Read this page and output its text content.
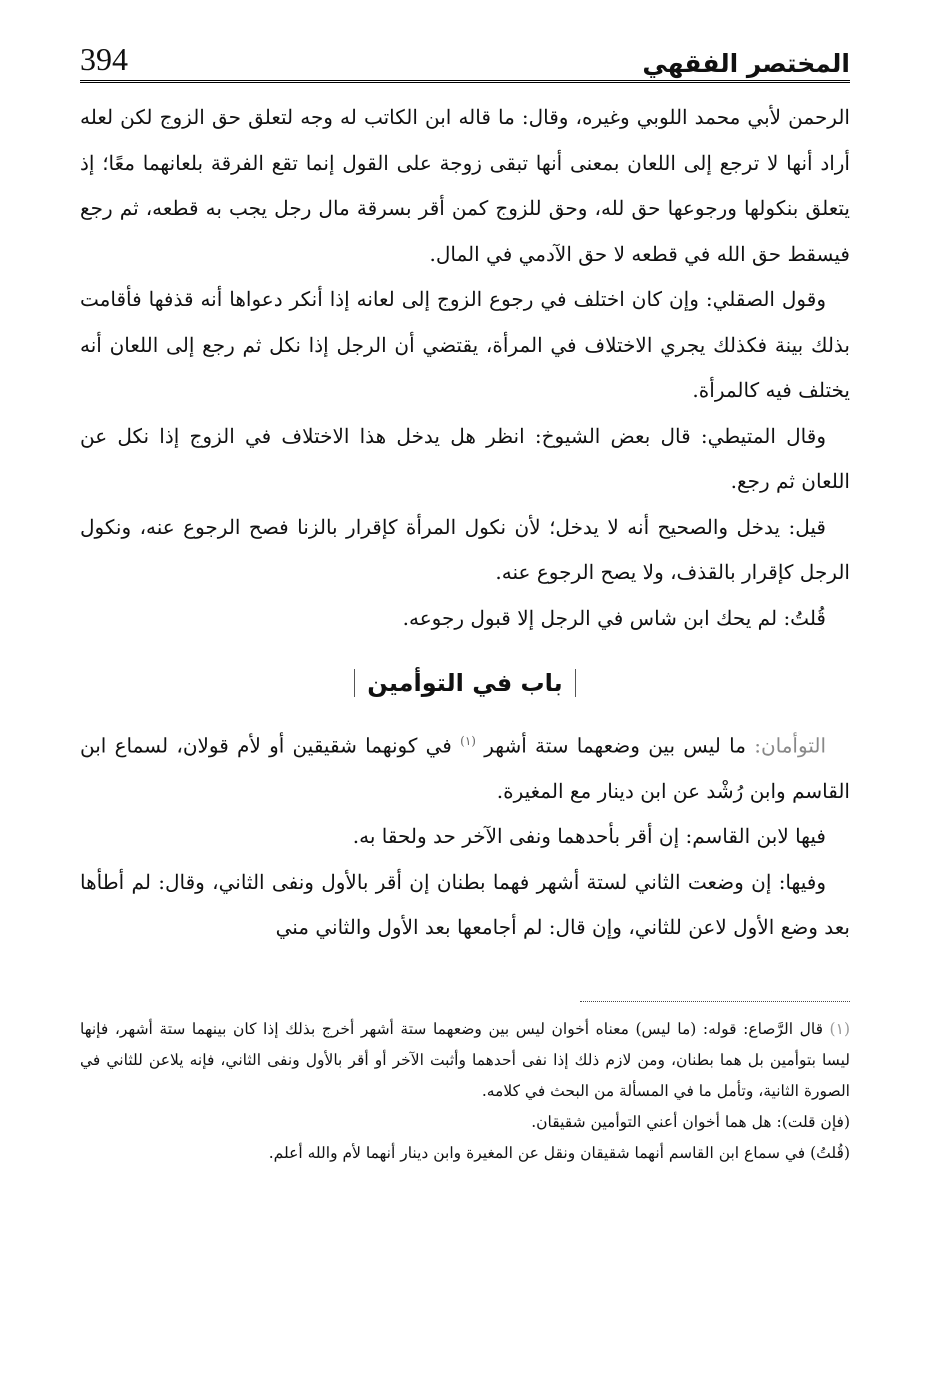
394	المختصر الفقهي

الرحمن لأبي محمد اللوبي وغيره، وقال: ما قاله ابن الكاتب له وجه لتعلق حق الزوج لكن لعله أراد أنها لا ترجع إلى اللعان بمعنى أنها تبقى زوجة على القول إنما تقع الفرقة بلعانهما معًا؛ إذ يتعلق بنكولها ورجوعها حق لله، وحق للزوج كمن أقر بسرقة مال رجل يجب به قطعه، ثم رجع فيسقط حق الله في قطعه لا حق الآدمي في المال.

وقول الصقلي: وإن كان اختلف في رجوع الزوج إلى لعانه إذا أنكر دعواها أنه قذفها فأقامت بذلك بينة فكذلك يجري الاختلاف في المرأة، يقتضي أن الرجل إذا نكل ثم رجع إلى اللعان أنه يختلف فيه كالمرأة.

وقال المتيطي: قال بعض الشيوخ: انظر هل يدخل هذا الاختلاف في الزوج إذا نكل عن اللعان ثم رجع.

قيل: يدخل والصحيح أنه لا يدخل؛ لأن نكول المرأة كإقرار بالزنا فصح الرجوع عنه، ونكول الرجل كإقرار بالقذف، ولا يصح الرجوع عنه.

قُلتُ: لم يحك ابن شاس في الرجل إلا قبول رجوعه.

باب في التوأمين

التوأمان: ما ليس بين وضعهما ستة أشهر $^{(١)}$ في كونهما شقيقين أو لأم قولان، لسماع ابن القاسم وابن رُشْد عن ابن دينار مع المغيرة.

فيها لابن القاسم: إن أقر بأحدهما ونفى الآخر حد ولحقا به.

وفيها: إن وضعت الثاني لستة أشهر فهما بطنان إن أقر بالأول ونفى الثاني، وقال: لم أطأها بعد وضع الأول لاعن للثاني، وإن قال: لم أجامعها بعد الأول والثاني مني

(١) قال الرَّصاع: قوله: (ما ليس) معناه أخوان ليس بين وضعهما ستة أشهر أخرج بذلك إذا كان بينهما ستة أشهر، فإنها ليسا بتوأمين بل هما بطنان، ومن لازم ذلك إذا نفى أحدهما وأثبت الآخر أو أقر بالأول ونفى الثاني، فإنه يلاعن للثاني في الصورة الثانية، وتأمل ما في المسألة من البحث في كلامه.

(فإن قلت): هل هما أخوان أعني التوأمين شقيقان.

(قُلتُ) في سماع ابن القاسم أنهما شقيقان ونقل عن المغيرة وابن دينار أنهما لأم والله أعلم.
